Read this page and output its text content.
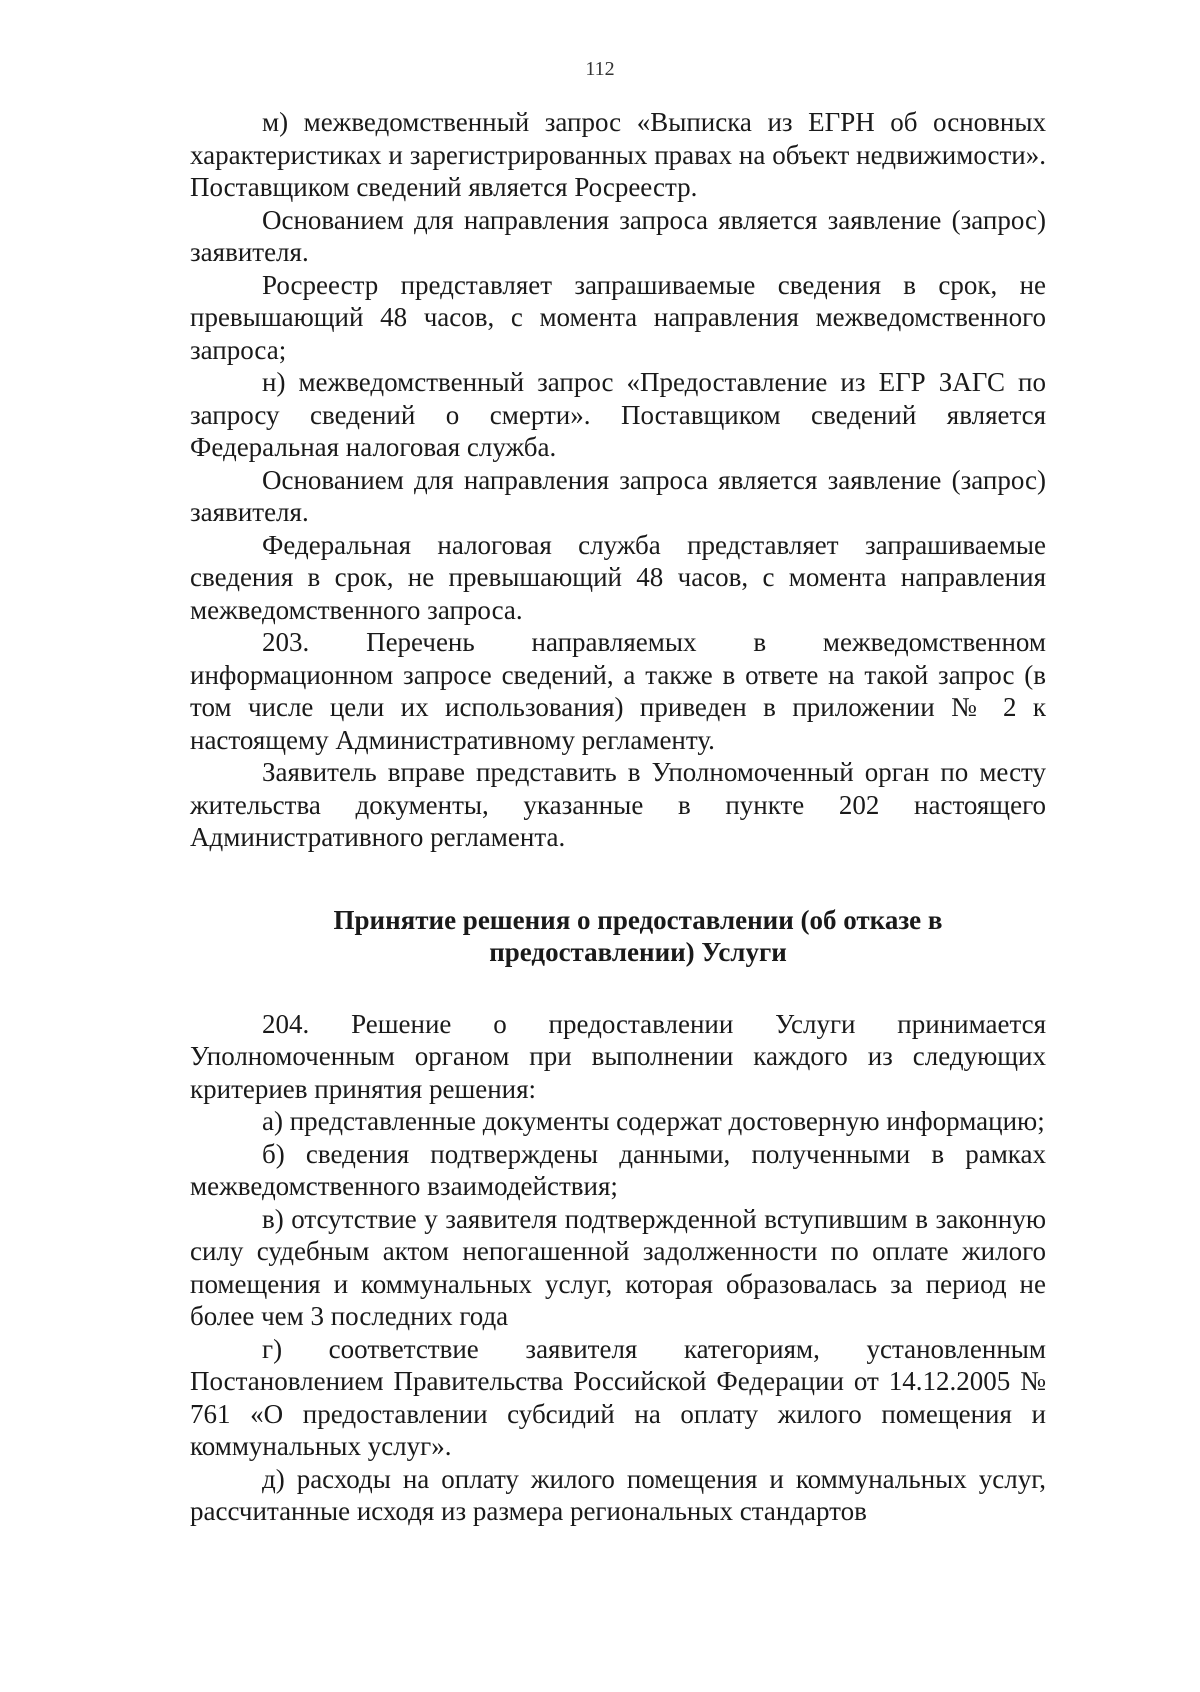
112

м) межведомственный запрос «Выписка из ЕГРН об основных характеристиках и зарегистрированных правах на объект недвижимости». Поставщиком сведений является Росреестр.

Основанием для направления запроса является заявление (запрос) заявителя.

Росреестр представляет запрашиваемые сведения в срок, не превышающий 48 часов, с момента направления межведомственного запроса;

н) межведомственный запрос «Предоставление из ЕГР ЗАГС по запросу сведений о смерти». Поставщиком сведений является Федеральная налоговая служба.

Основанием для направления запроса является заявление (запрос) заявителя.

Федеральная налоговая служба представляет запрашиваемые сведения в срок, не превышающий 48 часов, с момента направления межведомственного запроса.

203. Перечень направляемых в межведомственном информационном запросе сведений, а также в ответе на такой запрос (в том числе цели их использования) приведен в приложении № 2 к настоящему Административному регламенту.

Заявитель вправе представить в Уполномоченный орган по месту жительства документы, указанные в пункте 202 настоящего Административного регламента.

Принятие решения о предоставлении (об отказе в

предоставлении) Услуги

204. Решение о предоставлении Услуги принимается Уполномоченным органом при выполнении каждого из следующих критериев принятия решения:

а) представленные документы содержат достоверную информацию;

б) сведения подтверждены данными, полученными в рамках межведомственного взаимодействия;

в) отсутствие у заявителя подтвержденной вступившим в законную силу судебным актом непогашенной задолженности по оплате жилого помещения и коммунальных услуг, которая образовалась за период не более чем 3 последних года

г) соответствие заявителя категориям, установленным Постановлением Правительства Российской Федерации от 14.12.2005 № 761 «О предоставлении субсидий на оплату жилого помещения и коммунальных услуг».

д) расходы на оплату жилого помещения и коммунальных услуг, рассчитанные исходя из размера региональных стандартов
